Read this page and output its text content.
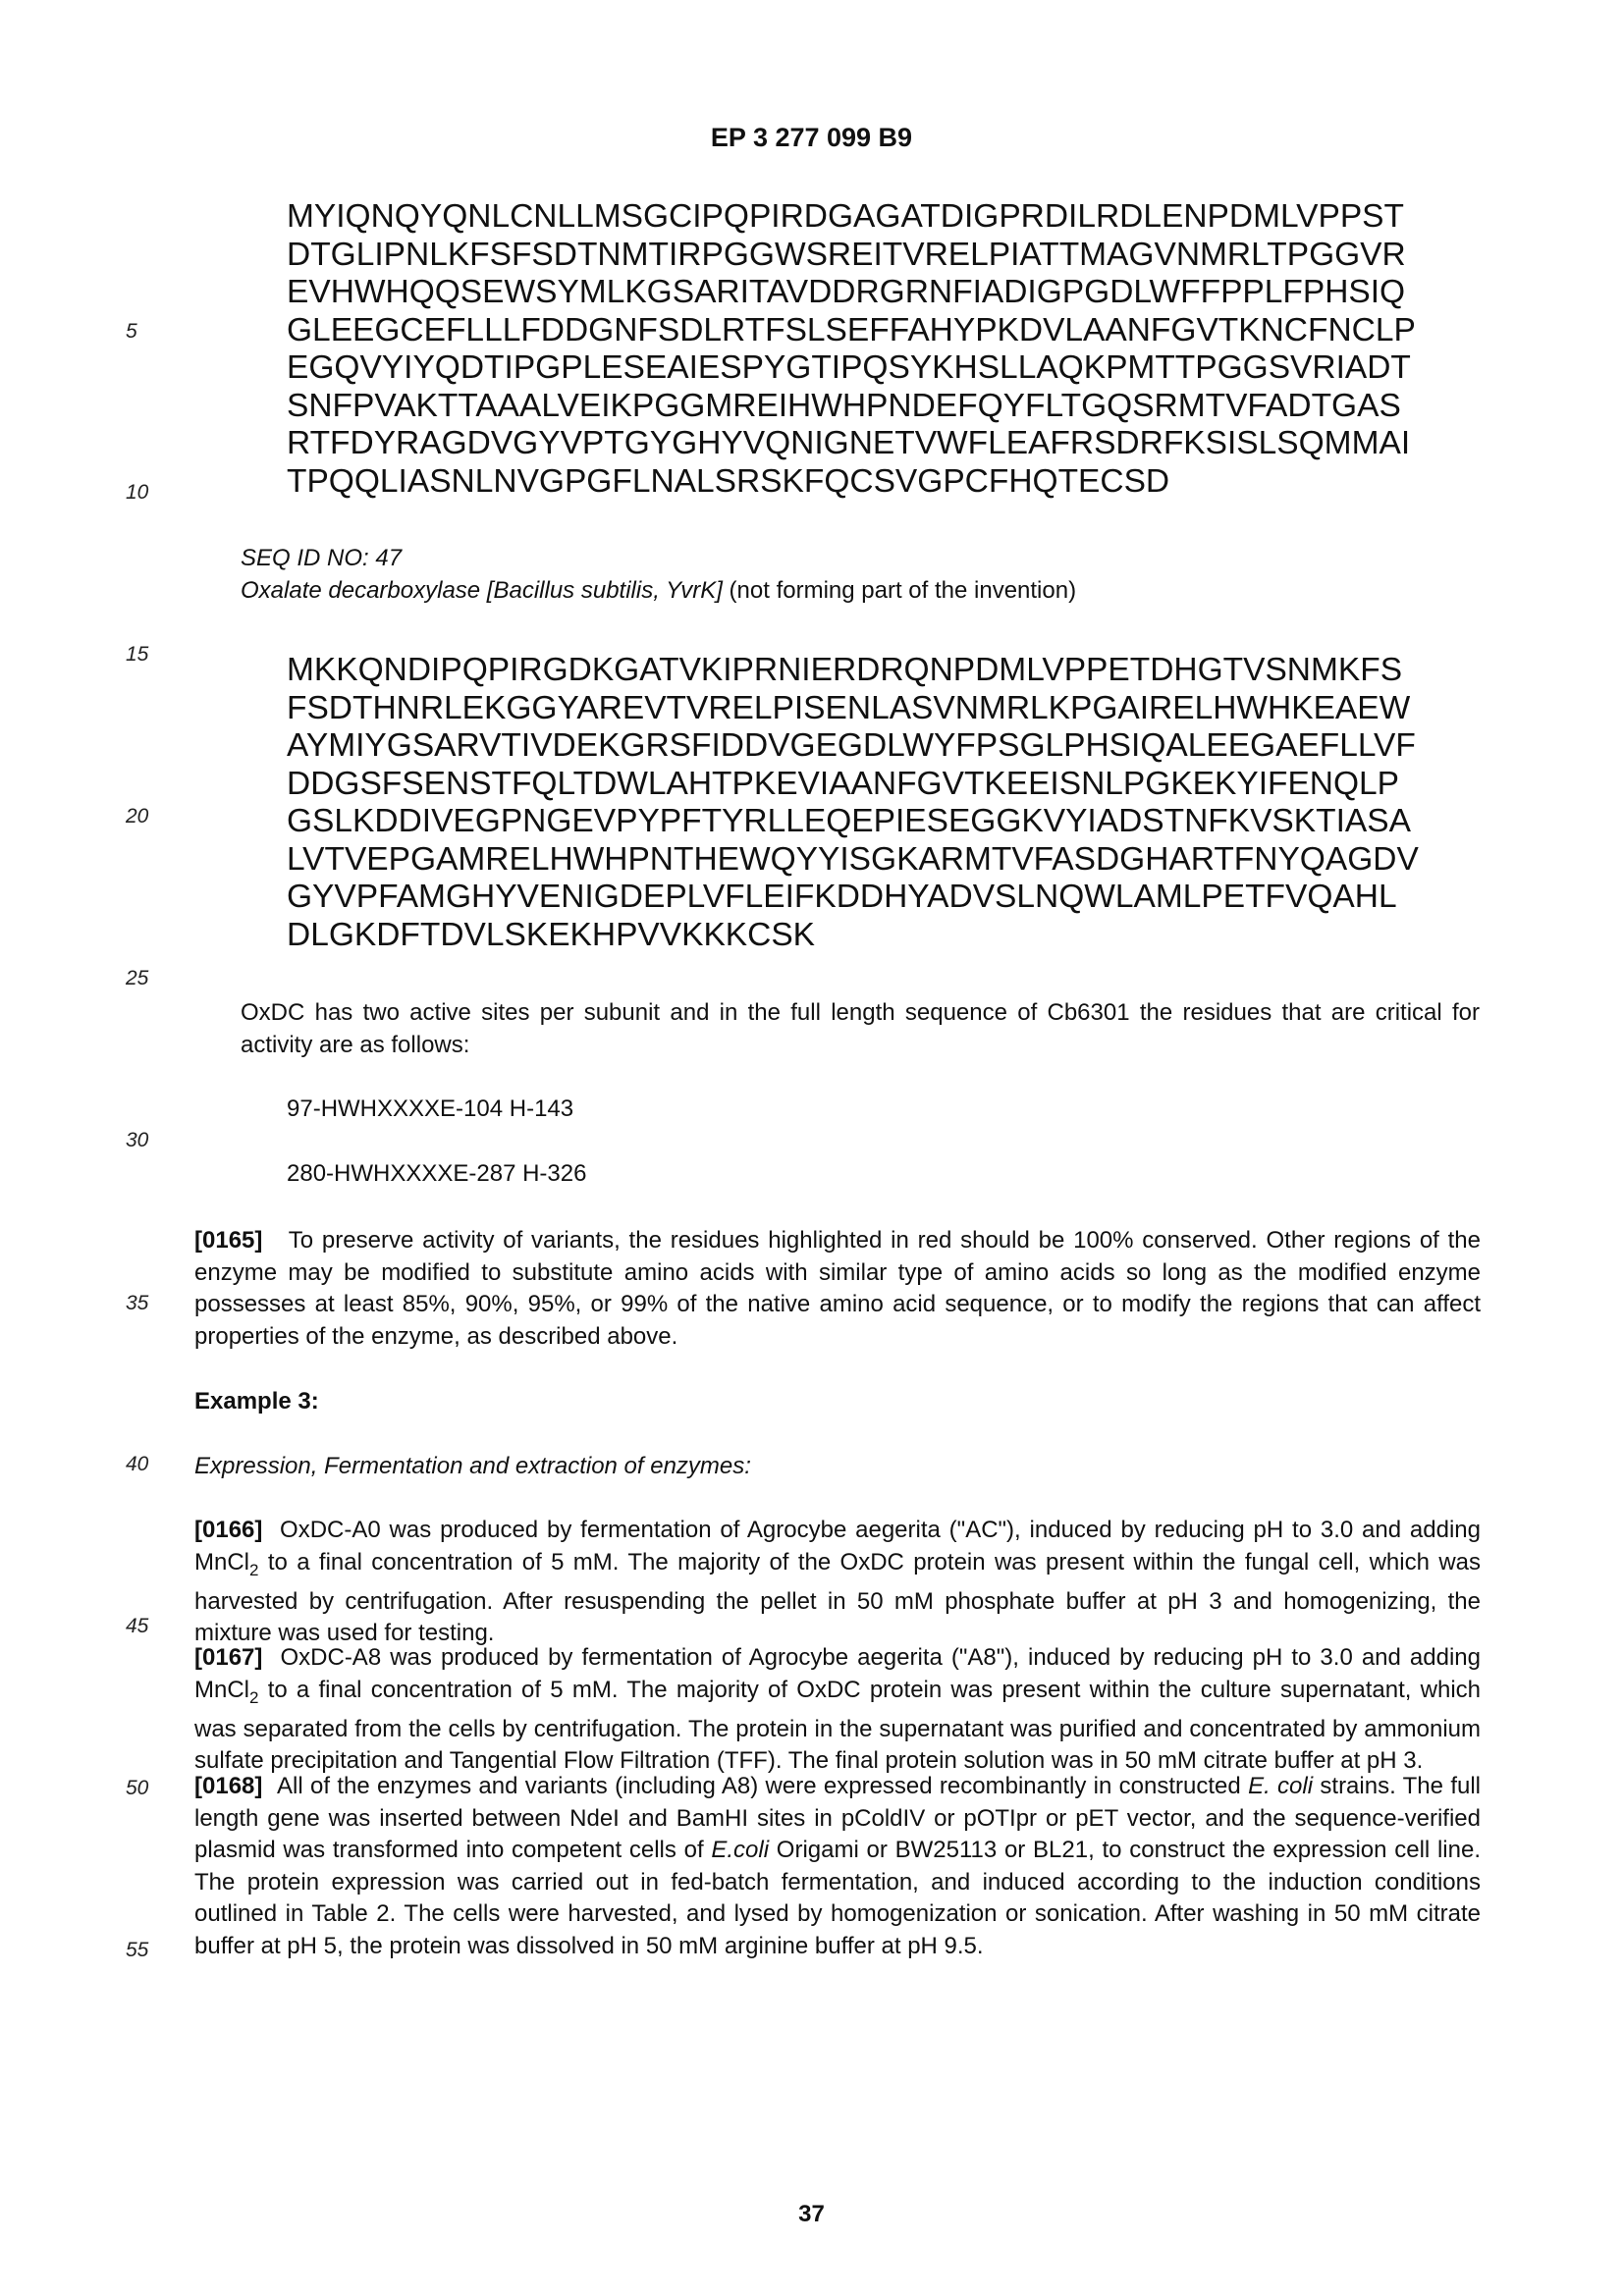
EP 3 277 099 B9
5
10
15
20
25
30
35
40
45
50
55
MYIQNQYQNLCNLLMSGCIPQPIRDGAGATDIGPRDILRDLENPDMLVPPST
DTGLIPNLKFSFSDTNMTIRPGGWSREITVRELPIATTMAGVNMRLTPGGVR
EVHWHQQSEWSYMLKGSARITAVDDRGRNFIADIGPGDLWFFPPLFPHSIQ
GLEEGCEFLLLFDDGNFSDLRTFSLSEFFAHYPKDVLAANFGVTKNCFNCLP
EGQVYIYQDTIPGPLESEAIESPYGTIPQSYKHSLLAQKPMTTPGGSVRIADT
SNFPVAKTTAAALVEIKPGGMREIHWHPNDEFQYFLTGQSRMTVFADTGAS
RTFDYRAGDVGYVPTGYGHYVQNIGNETVWFLEAFRSDRFKSISLSQMMAI
TPQQLIASNLNVGPGFLNALSRSKFQCSVGPCFHQTECSD
SEQ ID NO: 47
Oxalate decarboxylase [Bacillus subtilis, YvrK] (not forming part of the invention)
MKKQNDIPQPIRGDKGATVKIPRNIERDRQNPDMLVPPETDHGTVSNMKFS
FSDTHNRLEKGGYAREVTVRELPISENLASVNMRLKPGAIRELHWHKEAEW
AYMIYGSARVTIVDEKGRSFIDDVGEGDLWYFPSGLPHSIQALEEGAEFLLVF
DDGSFSENSTFQLTDWLAHTPKEVIAANFGVTKEEISNLPGKEKYIFENQLP
GSLKDDIVEGPNGEVPYPFTYRLLEQEPIESEGGKVYIADSTNFKVSKTIASA
LVTVEPGAMRELHWHPNTHEWQYYISGKARMTVFASDGHARTFNYQAGDV
GYVPFAMGHYVENIGDEPLVFLEIFKDDHYADVSLNQWLAMLPETFVQAHL
DLGKDFTDVLSKEKHPVVKKKCSK
OxDC has two active sites per subunit and in the full length sequence of Cb6301 the residues that are critical for activity are as follows:
97-HWHXXXXE-104 H-143
280-HWHXXXXE-287 H-326
[0165] To preserve activity of variants, the residues highlighted in red should be 100% conserved. Other regions of the enzyme may be modified to substitute amino acids with similar type of amino acids so long as the modified enzyme possesses at least 85%, 90%, 95%, or 99% of the native amino acid sequence, or to modify the regions that can affect properties of the enzyme, as described above.
Example 3:
Expression, Fermentation and extraction of enzymes:
[0166] OxDC-A0 was produced by fermentation of Agrocybe aegerita ("AC"), induced by reducing pH to 3.0 and adding MnCl$_2$ to a final concentration of 5 mM. The majority of the OxDC protein was present within the fungal cell, which was harvested by centrifugation. After resuspending the pellet in 50 mM phosphate buffer at pH 3 and homogenizing, the mixture was used for testing.
[0167] OxDC-A8 was produced by fermentation of Agrocybe aegerita ("A8"), induced by reducing pH to 3.0 and adding MnCl$_2$ to a final concentration of 5 mM. The majority of OxDC protein was present within the culture supernatant, which was separated from the cells by centrifugation. The protein in the supernatant was purified and concentrated by ammonium sulfate precipitation and Tangential Flow Filtration (TFF). The final protein solution was in 50 mM citrate buffer at pH 3.
[0168] All of the enzymes and variants (including A8) were expressed recombinantly in constructed E. coli strains. The full length gene was inserted between NdeI and BamHI sites in pColdIV or pOTIpr or pET vector, and the sequence-verified plasmid was transformed into competent cells of E.coli Origami or BW25113 or BL21, to construct the expression cell line. The protein expression was carried out in fed-batch fermentation, and induced according to the induction conditions outlined in Table 2. The cells were harvested, and lysed by homogenization or sonication. After washing in 50 mM citrate buffer at pH 5, the protein was dissolved in 50 mM arginine buffer at pH 9.5.
37
